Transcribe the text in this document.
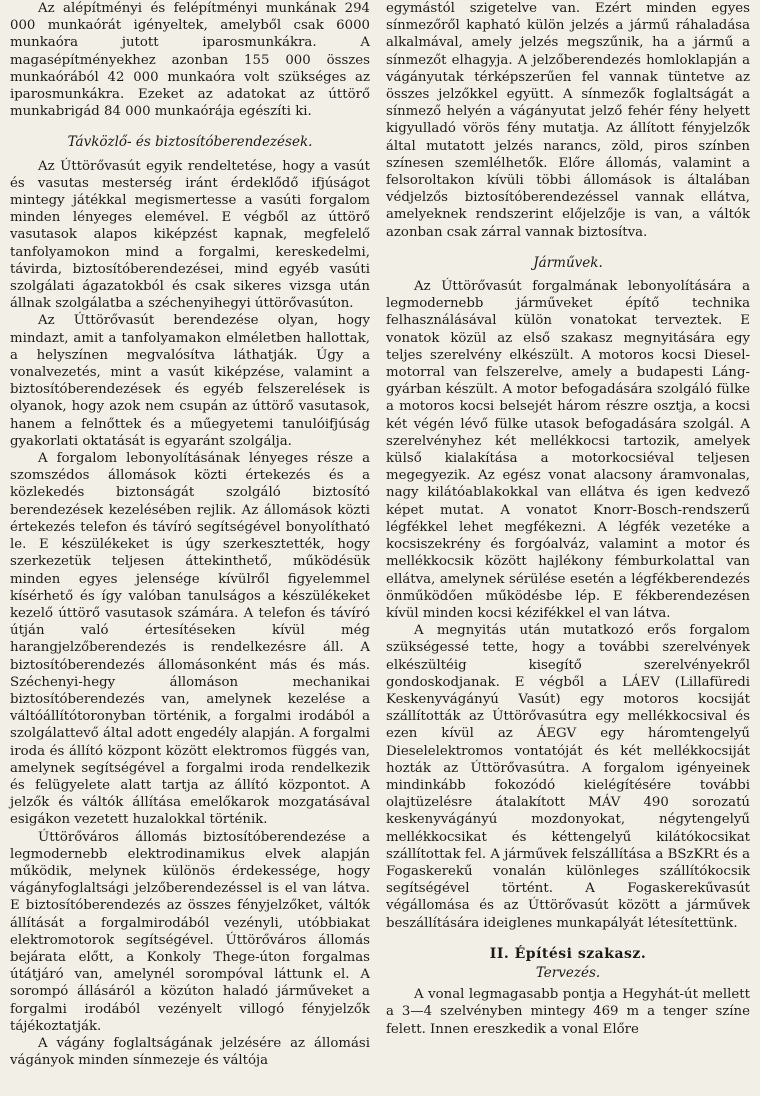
Az alépítményi és felépítményi munkának 294 000 munkaórát igényeltek, amelyből csak 6000 munkaóra jutott iparosmunkákra. A magasépítményekhez azonban 155 000 összes munkaórából 42 000 munkaóra volt szükséges az iparosmunkákra. Ezeket az adatokat az úttörő munkabrigád 84 000 munkaórája egészíti ki.

Távközlő- és biztosítóberendezések.

Az Úttörővasút egyik rendeltetése, hogy a vasút és vasutas mesterség iránt érdeklődő ifjúságot mintegy játékkal megismertesse a vasúti forgalom minden lényeges elemével. E végből az úttörő vasutasok alapos kiképzést kapnak, megfelelő tanfolyamokon mind a forgalmi, kereskedelmi, távirda, biztosítóberendezései, mind egyéb vasúti szolgálati ágazatokból és csak sikeres vizsga után állnak szolgálatba a széchenyihegyi úttörővasúton.

Az Úttörővasút berendezése olyan, hogy mindazt, amit a tanfolyamakon elméletben hallottak, a helyszínen megvalósítva láthatják. Úgy a vonalvezetés, mint a vasút kiképzése, valamint a biztosítóberendezések és egyéb felszerelések is olyanok, hogy azok nem csupán az úttörő vasutasok, hanem a felnőttek és a műegyetemi tanulóifjúság gyakorlati oktatását is egyaránt szolgálja.

A forgalom lebonyolításának lényeges része a szomszédos állomások közti értekezés és a közlekedés biztonságát szolgáló biztosító berendezések kezelésében rejlik. Az állomások közti értekezés telefon és távíró segítségével bonyolítható le. E készülékeket is úgy szerkesztették, hogy szerkezetük teljesen áttekinthető, működésük minden egyes jelensége kívülről figyelemmel kísérhető és így valóban tanulságos a készülékeket kezelő úttörő vasutasok számára. A telefon és távíró útján való értesítéseken kívül még harangjelzőberendezés is rendelkezésre áll. A biztosítóberendezés állomásonként más és más. Széchenyi-hegy állomáson mechanikai biztosítóberendezés van, amelynek kezelése a váltóállítótoronyban történik, a forgalmi irodából a szolgálattevő által adott engedély alapján. A forgalmi iroda és állító központ között elektromos függés van, amelynek segítségével a forgalmi iroda rendelkezik és felügyelete alatt tartja az állító központot. A jelzők és váltók állítása emelőkarok mozgatásával esigákon vezetett huzalokkal történik.

Úttörőváros állomás biztosítóberendezése a legmodernebb elektrodinamikus elvek alapján működik, melynek különös érdekessége, hogy vágányfoglaltsági jelzőberendezéssel is el van látva. E biztosítóberendezés az összes fényjelzőket, váltók állítását a forgalmirodából vezényli, utóbbiakat elektromotorok segítségével. Úttörőváros állomás bejárata előtt, a Konkoly Thege-úton forgalmas útátjáró van, amelynél sorompóval láttunk el. A sorompó állásáról a közúton haladó járműveket a forgalmi irodából vezényelt villogó fényjelzők tájékoztatják.

A vágány foglaltságának jelzésére az állomási vágányok minden sínmezeje és váltója

egymástól szigetelve van. Ezért minden egyes sínmezőről kapható külön jelzés a jármű ráhaladása alkalmával, amely jelzés megszűnik, ha a jármű a sínmezőt elhagyja. A jelzőberendezés homloklapján a vágányutak térképszerűen fel vannak tüntetve az összes jelzőkkel együtt. A sínmezők foglaltságát a sínmező helyén a vágányutat jelző fehér fény helyett kigyulladó vörös fény mutatja. Az állított fényjelzők által mutatott jelzés narancs, zöld, piros színben színesen szemlélhetők. Előre állomás, valamint a felsoroltakon kívüli többi állomások is általában védjelzős biztosítóberendezéssel vannak ellátva, amelyeknek rendszerint előjelzője is van, a váltók azonban csak zárral vannak biztosítva.

Járművek.

Az Úttörővasút forgalmának lebonyolítására a legmodernebb járműveket építő technika felhasználásával külön vonatokat terveztek. E vonatok közül az első szakasz megnyitására egy teljes szerelvény elkészült. A motoros kocsi Diesel-motorral van felszerelve, amely a budapesti Láng-gyárban készült. A motor befogadására szolgáló fülke a motoros kocsi belsejét három részre osztja, a kocsi két végén lévő fülke utasok befogadására szolgál. A szerelvényhez két mellékkocsi tartozik, amelyek külső kialakítása a motorkocsiéval teljesen megegyezik. Az egész vonat alacsony áramvonalas, nagy kilátóablakokkal van ellátva és igen kedvező képet mutat. A vonatot Knorr-Bosch-rendszerű légfékkel lehet megfékezni. A légfék vezetéke a kocsiszekrény és forgóalváz, valamint a motor és mellékkocsik között hajlékony fémburkolattal van ellátva, amelynek sérülése esetén a légfékberendezés önműködően működésbe lép. E fékberendezésen kívül minden kocsi kézifékkel el van látva.

A megnyitás után mutatkozó erős forgalom szükségessé tette, hogy a további szerelvények elkészültéig kisegítő szerelvényekről gondoskodjanak. E végből a LÁEV (Lillafüredi Keskenyvágányú Vasút) egy motoros kocsiját szállították az Úttörővasútra egy mellékkocsival és ezen kívül az ÁEGV egy háromtengelyű Dieselelektromos vontatóját és két mellékkocsiját hozták az Úttörővasútra. A forgalom igényeinek mindinkább fokozódó kielégítésére további olajtüzelésre átalakított MÁV 490 sorozatú keskenyvágányú mozdonyokat, négytengelyű mellékkocsikat és kéttengelyű kilátókocsikat szállítottak fel. A járművek felszállítása a BSzKRt és a Fogaskerekű vonalán különleges szállítókocsik segítségével történt. A Fogaskerekűvasút végállomása és az Úttörővasút között a járművek beszállítására ideiglenes munkapályát létesítettünk.

II. Építési szakasz.
Tervezés.

A vonal legmagasabb pontja a Hegyhát-út mellett a 3—4 szelvényben mintegy 469 m a tenger színe felett. Innen ereszkedik a vonal Előre
